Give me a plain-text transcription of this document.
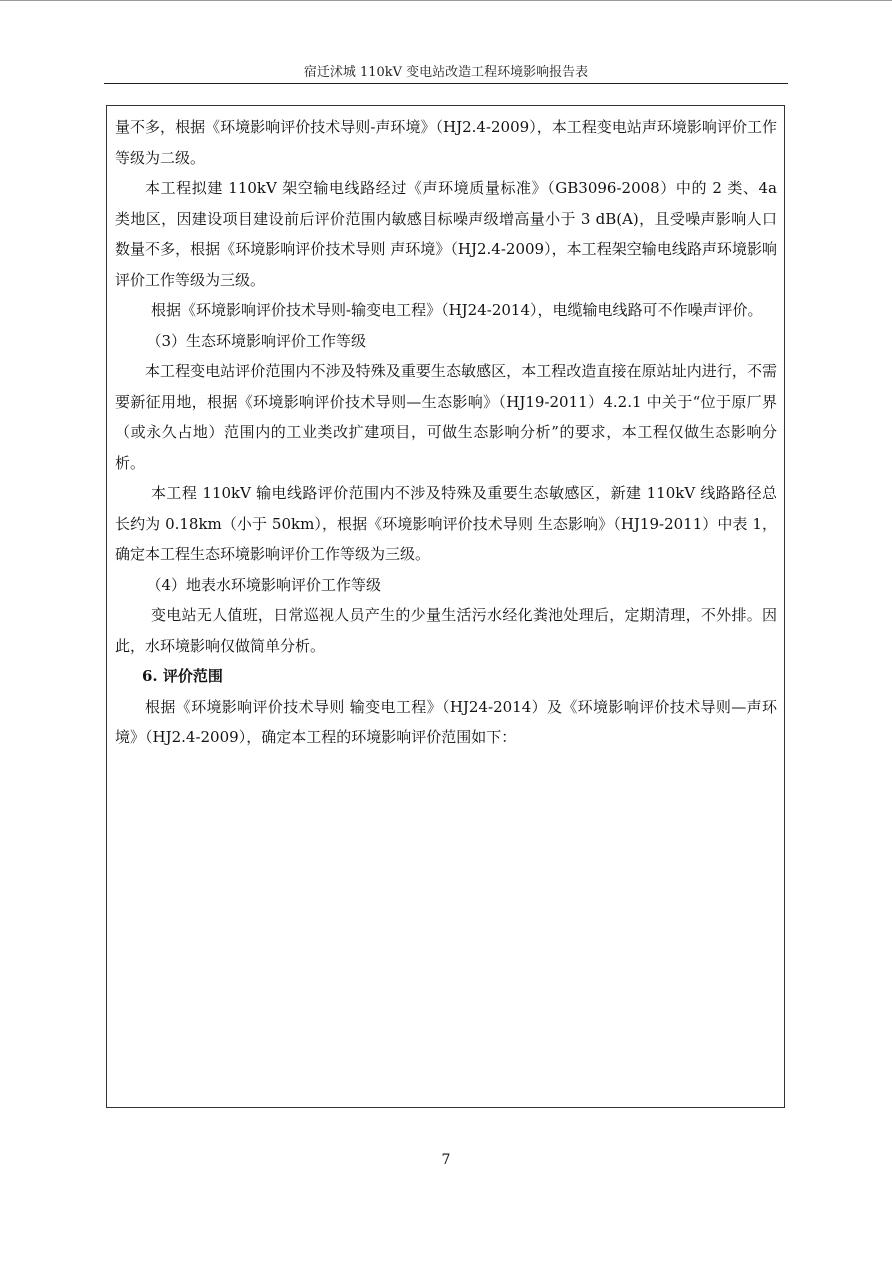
宿迁沭城 110kV 变电站改造工程环境影响报告表

量不多，根据《环境影响评价技术导则-声环境》（HJ2.4-2009），本工程变电站声环境影响评价工作等级为二级。

本工程拟建 110kV 架空输电线路经过《声环境质量标准》（GB3096-2008）中的 2 类、4a 类地区，因建设项目建设前后评价范围内敏感目标噪声级增高量小于 3 dB(A)，且受噪声影响人口数量不多，根据《环境影响评价技术导则 声环境》（HJ2.4-2009），本工程架空输电线路声环境影响评价工作等级为三级。

根据《环境影响评价技术导则-输变电工程》（HJ24-2014），电缆输电线路可不作噪声评价。

（3）生态环境影响评价工作等级

本工程变电站评价范围内不涉及特殊及重要生态敏感区，本工程改造直接在原站址内进行，不需要新征用地，根据《环境影响评价技术导则—生态影响》（HJ19-2011）4.2.1 中关于“位于原厂界（或永久占地）范围内的工业类改扩建项目，可做生态影响分析”的要求，本工程仅做生态影响分析。

本工程 110kV 输电线路评价范围内不涉及特殊及重要生态敏感区，新建 110kV 线路路径总长约为 0.18km（小于 50km），根据《环境影响评价技术导则 生态影响》（HJ19-2011）中表 1，确定本工程生态环境影响评价工作等级为三级。

（4）地表水环境影响评价工作等级

变电站无人值班，日常巡视人员产生的少量生活污水经化粪池处理后，定期清理，不外排。因此，水环境影响仅做简单分析。

6. 评价范围

根据《环境影响评价技术导则 输变电工程》（HJ24-2014）及《环境影响评价技术导则—声环境》（HJ2.4-2009），确定本工程的环境影响评价范围如下：

7
